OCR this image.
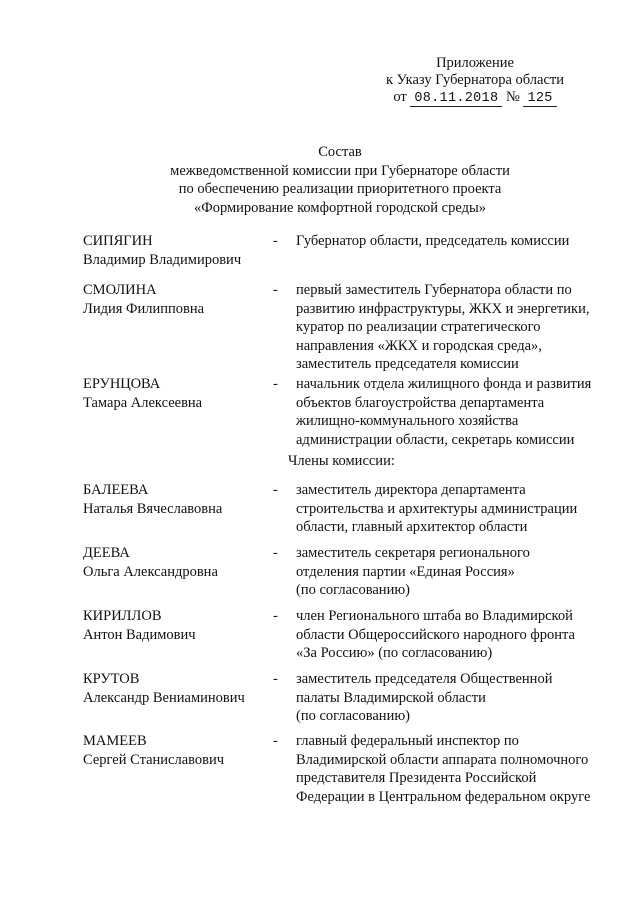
Приложение
к Указу Губернатора области
от 08.11.2018 № 125
Состав
межведомственной комиссии при Губернаторе области
по обеспечению реализации приоритетного проекта
«Формирование комфортной городской среды»
СИПЯГИН
Владимир Владимирович
- Губернатор области, председатель комиссии
СМОЛИНА
Лидия Филипповна
- первый заместитель Губернатора области по
развитию инфраструктуры, ЖКХ и энергетики,
куратор по реализации стратегического
направления «ЖКХ и городская среда»,
заместитель председателя комиссии
ЕРУНЦОВА
Тамара Алексеевна
- начальник отдела жилищного фонда и развития
объектов благоустройства департамента
жилищно-коммунального хозяйства
администрации области, секретарь комиссии
Члены комиссии:
БАЛЕЕВА
Наталья Вячеславовна
- заместитель директора департамента
строительства и архитектуры администрации
области, главный архитектор области
ДЕЕВА
Ольга Александровна
- заместитель секретаря регионального
отделения партии «Единая Россия»
(по согласованию)
КИРИЛЛОВ
Антон Вадимович
- член Регионального штаба во Владимирской
области Общероссийского народного фронта
«За Россию» (по согласованию)
КРУТОВ
Александр Вениаминович
- заместитель председателя Общественной
палаты Владимирской области
(по согласованию)
МАМЕЕВ
Сергей Станиславович
- главный федеральный инспектор по
Владимирской области аппарата полномочного
представителя Президента Российской
Федерации в Центральном федеральном округе
